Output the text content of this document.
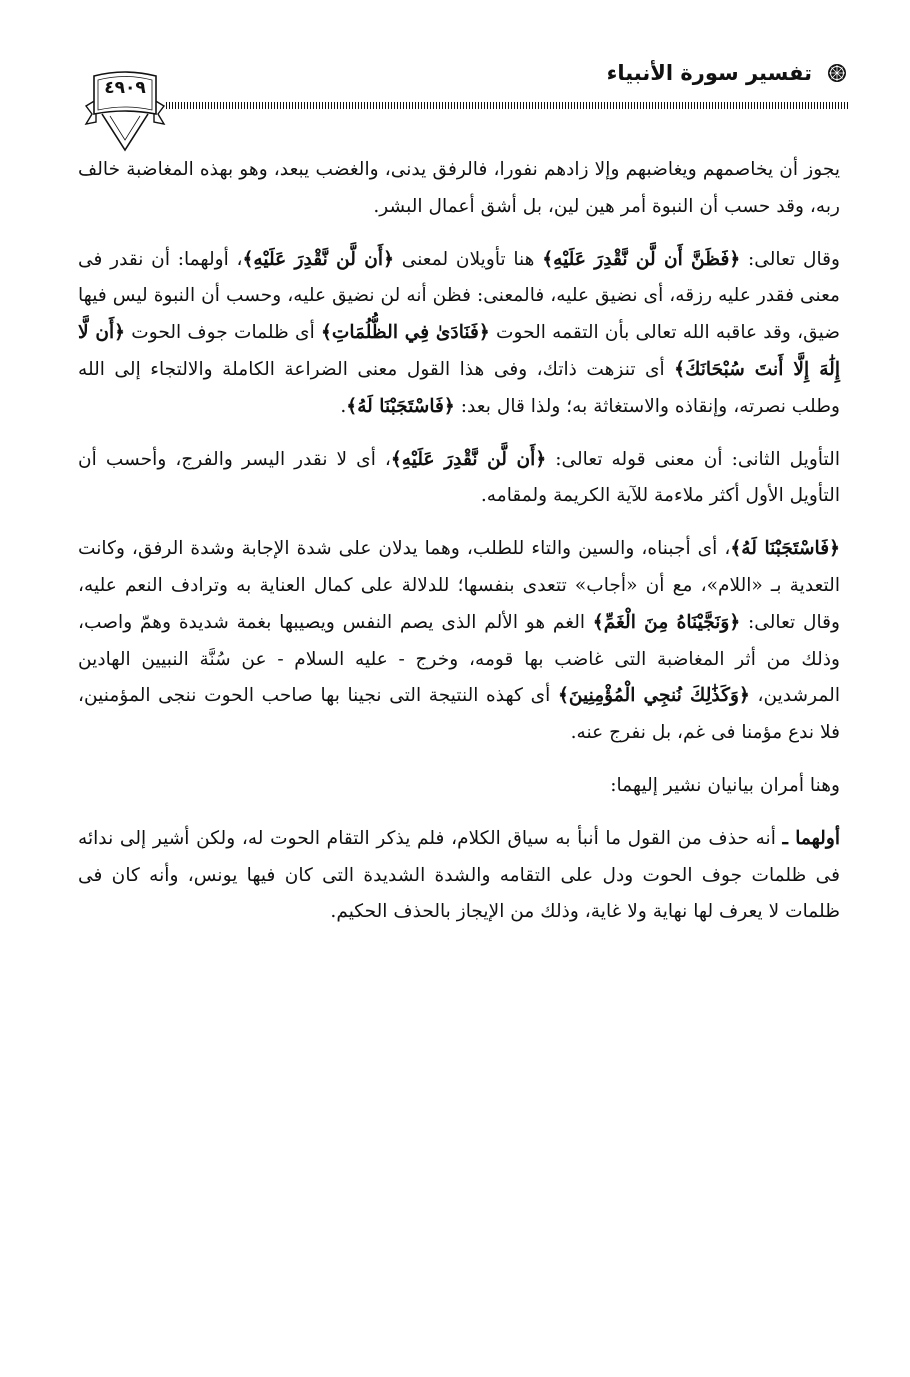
تفسير سورة الأنبياء
٤٩٠٩

يجوز أن يخاصمهم ويغاضبهم وإلا زادهم نفورا، فالرفق يدنى، والغضب يبعد، وهو بهذه المغاضبة خالف ربه، وقد حسب أن النبوة أمر هين لين، بل أشق أعمال البشر.

وقال تعالى: ﴿فَظَنَّ أَن لَّن نَّقْدِرَ عَلَيْهِ﴾ هنا تأويلان لمعنى ﴿أَن لَّن نَّقْدِرَ عَلَيْهِ﴾، أولهما: أن نقدر فى معنى فقدر عليه رزقه، أى نضيق عليه، فالمعنى: فظن أنه لن نضيق عليه، وحسب أن النبوة ليس فيها ضيق، وقد عاقبه الله تعالى بأن التقمه الحوت ﴿فَنَادَىٰ فِي الظُّلُمَاتِ﴾ أى ظلمات جوف الحوت ﴿أَن لَّا إِلَٰهَ إِلَّا أَنتَ سُبْحَانَكَ﴾ أى تنزهت ذاتك، وفى هذا القول معنى الضراعة الكاملة والالتجاء إلى الله وطلب نصرته، وإنقاذه والاستغاثة به؛ ولذا قال بعد: ﴿فَاسْتَجَبْنَا لَهُ﴾.

التأويل الثانى: أن معنى قوله تعالى: ﴿أَن لَّن نَّقْدِرَ عَلَيْهِ﴾، أى لا نقدر اليسر والفرج، وأحسب أن التأويل الأول أكثر ملاءمة للآية الكريمة ولمقامه.

﴿فَاسْتَجَبْنَا لَهُ﴾، أى أجبناه، والسين والتاء للطلب، وهما يدلان على شدة الإجابة وشدة الرفق، وكانت التعدية بـ «اللام»، مع أن «أجاب» تتعدى بنفسها؛ للدلالة على كمال العناية به وترادف النعم عليه، وقال تعالى: ﴿وَنَجَّيْنَاهُ مِنَ الْغَمِّ﴾ الغم هو الألم الذى يصم النفس ويصيبها بغمة شديدة وهمّ واصب، وذلك من أثر المغاضبة التى غاضب بها قومه، وخرج - عليه السلام - عن سُنَّة النبيين الهادين المرشدين، ﴿وَكَذَٰلِكَ نُنجِي الْمُؤْمِنِينَ﴾ أى كهذه النتيجة التى نجينا بها صاحب الحوت ننجى المؤمنين، فلا ندع مؤمنا فى غم، بل نفرج عنه.

وهنا أمران بيانيان نشير إليهما:

أولهما ـ أنه حذف من القول ما أنبأ به سياق الكلام، فلم يذكر التقام الحوت له، ولكن أشير إلى ندائه فى ظلمات جوف الحوت ودل على التقامه والشدة الشديدة التى كان فيها يونس، وأنه كان فى ظلمات لا يعرف لها نهاية ولا غاية، وذلك من الإيجاز بالحذف الحكيم.
